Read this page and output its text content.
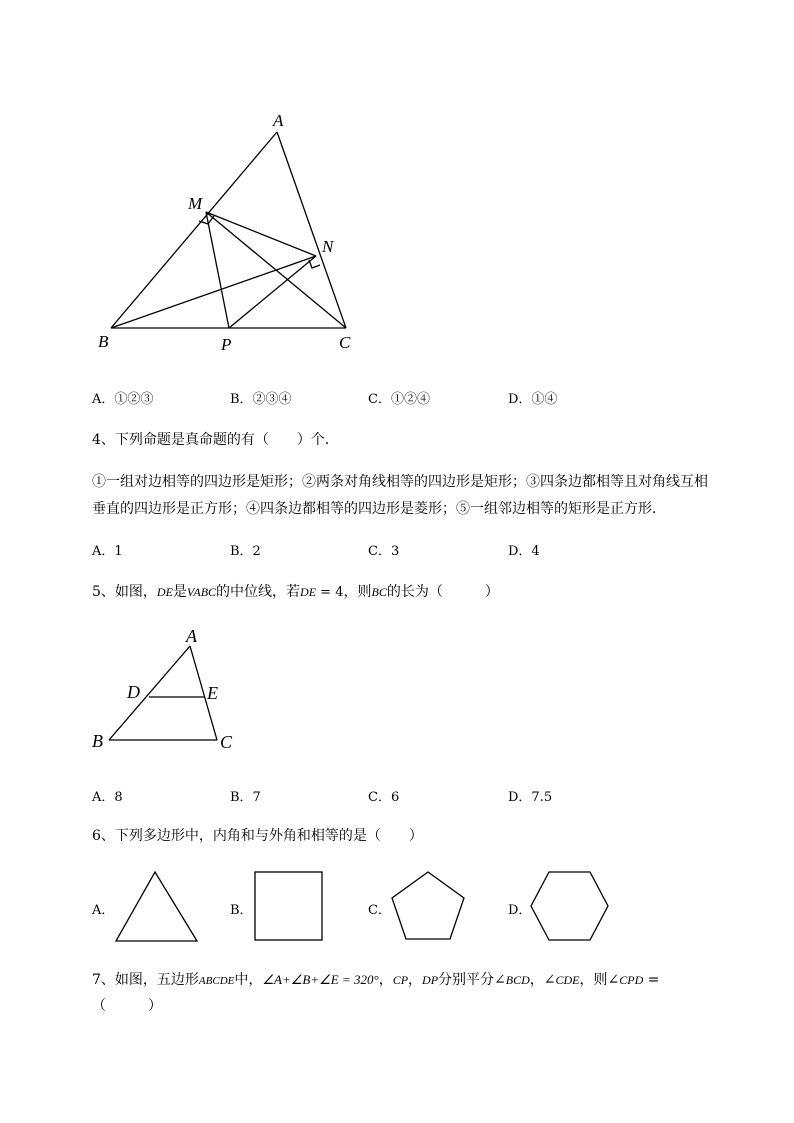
A
M
N
B	P	C
A．①②③	B．②③④	C．①②④	D．①④
4、下列命题是真命题的有（　　）个．
①一组对边相等的四边形是矩形；②两条对角线相等的四边形是矩形；③四条边都相等且对角线互相
垂直的四边形是正方形；④四条边都相等的四边形是菱形；⑤一组邻边相等的矩形是正方形．
A．1	B．2	C．3	D．4
5、如图，DE是VABC的中位线，若DE = 4，则BC的长为（　　　）
A
D	E
B	C
A．8	B．7	C．6	D．7.5
6、下列多边形中，内角和与外角和相等的是（　　）
A．	B．	C．	D．
7、如图，五边形ABCDE中，∠A+∠B+∠E = 320°，CP，DP分别平分∠BCD，∠CDE，则∠CPD =
（　　　）
